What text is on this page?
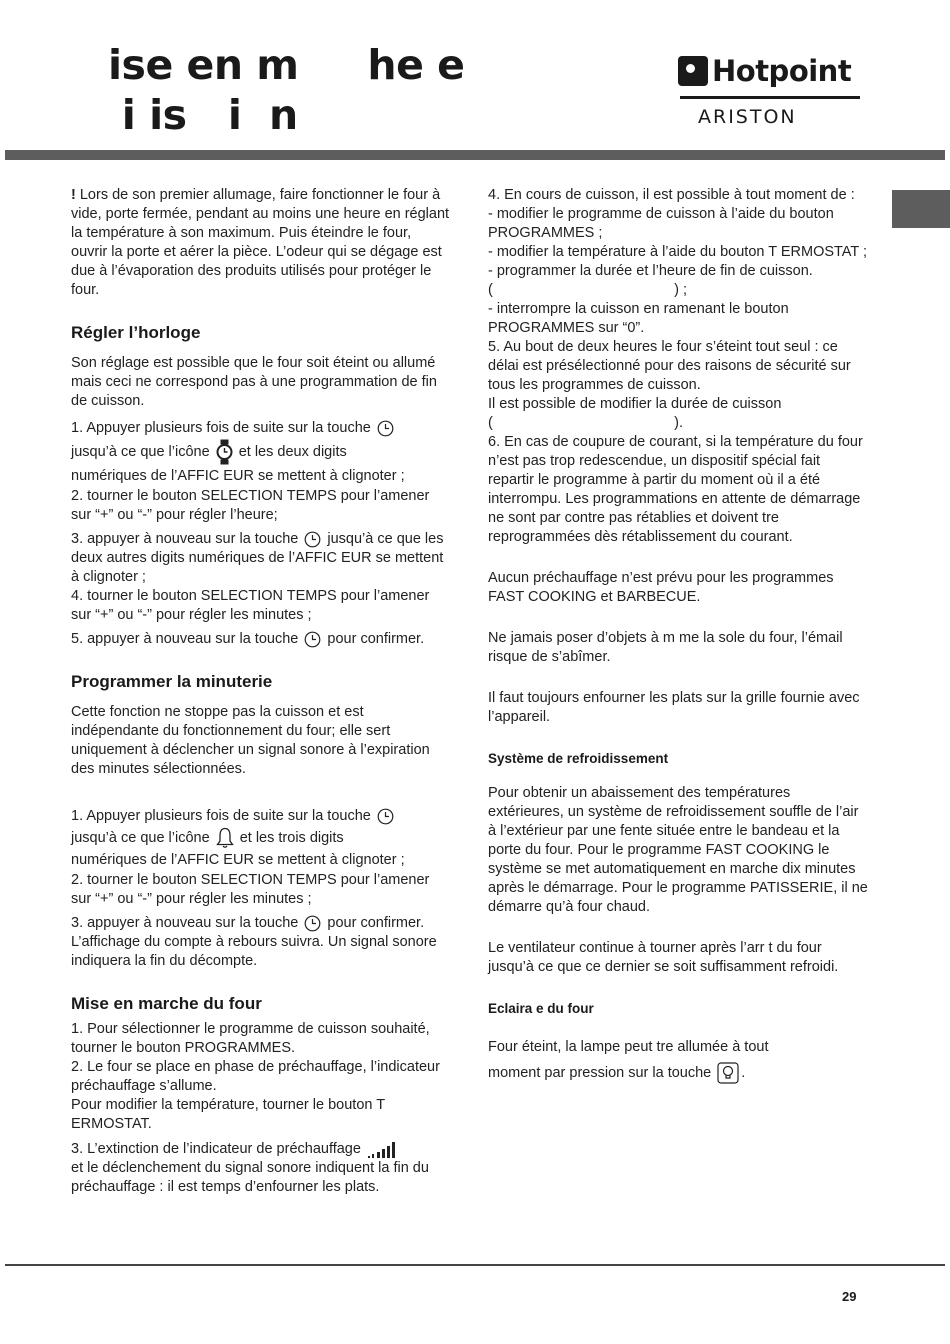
ise en m     he e
i is   i  n
Hotpoint
ARISTON

! Lors de son premier allumage, faire fonctionner le four à vide, porte fermée, pendant au moins une heure en réglant la température à son maximum. Puis éteindre le four, ouvrir la porte et aérer la pièce. L’odeur qui se dégage est due à l’évaporation des produits utilisés pour protéger le four.

Régler l’horloge

Son réglage est possible que le four soit éteint ou allumé mais ceci ne correspond pas à une programmation de fin de cuisson.

1. Appuyer plusieurs fois de suite sur la touche
jusqu’à ce que l’icône et les deux digits
numériques de l’AFFIC EUR se mettent à clignoter ;

2. tourner le bouton SELECTION TEMPS pour l’amener sur “+” ou “-” pour régler l’heure;

3. appuyer à nouveau sur la touche jusqu’à ce que les deux autres digits numériques de l’AFFIC EUR se mettent à clignoter ;

4. tourner le bouton SELECTION TEMPS pour l’amener sur “+” ou “-” pour régler les minutes ;

5. appuyer à nouveau sur la touche pour confirmer.

Programmer la minuterie

Cette fonction ne stoppe pas la cuisson et est indépendante du fonctionnement du four; elle sert uniquement à déclencher un signal sonore à l’expiration des minutes sélectionnées.

1. Appuyer plusieurs fois de suite sur la touche
jusqu’à ce que l’icône et les trois digits
numériques de l’AFFIC EUR se mettent à clignoter ;

2. tourner le bouton SELECTION TEMPS pour l’amener sur “+” ou “-” pour régler les minutes ;

3. appuyer à nouveau sur la touche pour confirmer.

L’affichage du compte à rebours suivra. Un signal sonore indiquera la fin du décompte.

Mise en marche du four

1. Pour sélectionner le programme de cuisson souhaité, tourner le bouton PROGRAMMES.

2. Le four se place en phase de préchauffage, l’indicateur préchauffage s’allume.

Pour modifier la température, tourner le bouton T ERMOSTAT.

3. L’extinction de l’indicateur de préchauffage
et le déclenchement du signal sonore indiquent la fin du préchauffage : il est temps d’enfourner les plats.

4. En cours de cuisson, il est possible à tout moment de :

- modifier le programme de cuisson à l’aide du bouton PROGRAMMES ;

- modifier la température à l’aide du bouton T ERMOSTAT ;

- programmer la durée et l’heure de fin de cuisson.

(                                             ) ;

- interrompre la cuisson en ramenant le bouton PROGRAMMES sur “0”.

5. Au bout de deux heures le four s’éteint tout seul : ce délai est présélectionné pour des raisons de sécurité sur tous les programmes de cuisson.

Il est possible de modifier la durée de cuisson

(                                             ).

6. En cas de coupure de courant, si la température du four n’est pas trop redescendue, un dispositif spécial fait repartir le programme à partir du moment où il a été interrompu. Les programmations en attente de démarrage ne sont par contre pas rétablies et doivent tre reprogrammées dès rétablissement du courant.

Aucun préchauffage n’est prévu pour les programmes FAST COOKING et BARBECUE.

Ne jamais poser d’objets à m me la sole du four, l’émail risque de s’abîmer.

Il faut toujours enfourner les plats sur la grille fournie avec l’appareil.

Système de refroidissement

Pour obtenir un abaissement des températures extérieures, un système de refroidissement souffle de l’air à l’extérieur par une fente située entre le bandeau et la porte du four. Pour le programme FAST COOKING le système se met automatiquement en marche dix minutes après le démarrage. Pour le programme PATISSERIE, il ne démarre qu’à four chaud.

Le ventilateur continue à tourner après l’arr t du four jusqu’à ce que ce dernier se soit suffisamment refroidi.

Eclaira e du four

Four éteint, la lampe peut tre allumée à tout
moment par pression sur la touche .

29
